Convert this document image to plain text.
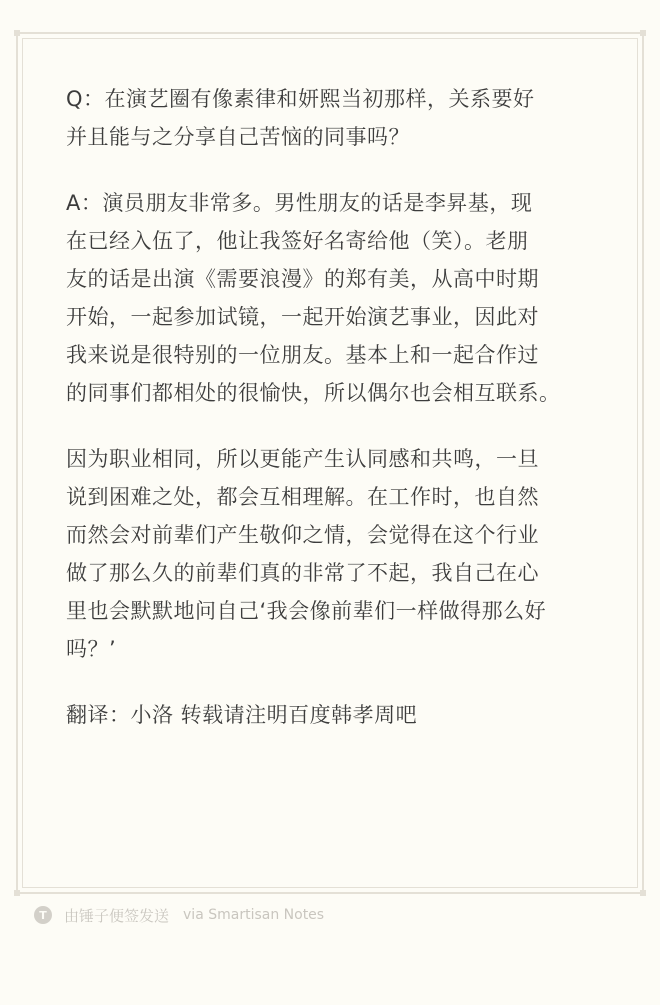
Q：在演艺圈有像素律和妍熙当初那样，关系要好
并且能与之分享自己苦恼的同事吗？

A：演员朋友非常多。男性朋友的话是李昇基，现
在已经入伍了，他让我签好名寄给他（笑）。老朋
友的话是出演《需要浪漫》的郑有美，从高中时期
开始，一起参加试镜，一起开始演艺事业，因此对
我来说是很特别的一位朋友。基本上和一起合作过
的同事们都相处的很愉快，所以偶尔也会相互联系。

因为职业相同，所以更能产生认同感和共鸣，一旦
说到困难之处，都会互相理解。在工作时，也自然
而然会对前辈们产生敬仰之情，会觉得在这个行业
做了那么久的前辈们真的非常了不起，我自己在心
里也会默默地问自己‘我会像前辈们一样做得那么好
吗？’

翻译：小洛 转载请注明百度韩孝周吧

T	由锤子便签发送 via Smartisan Notes
